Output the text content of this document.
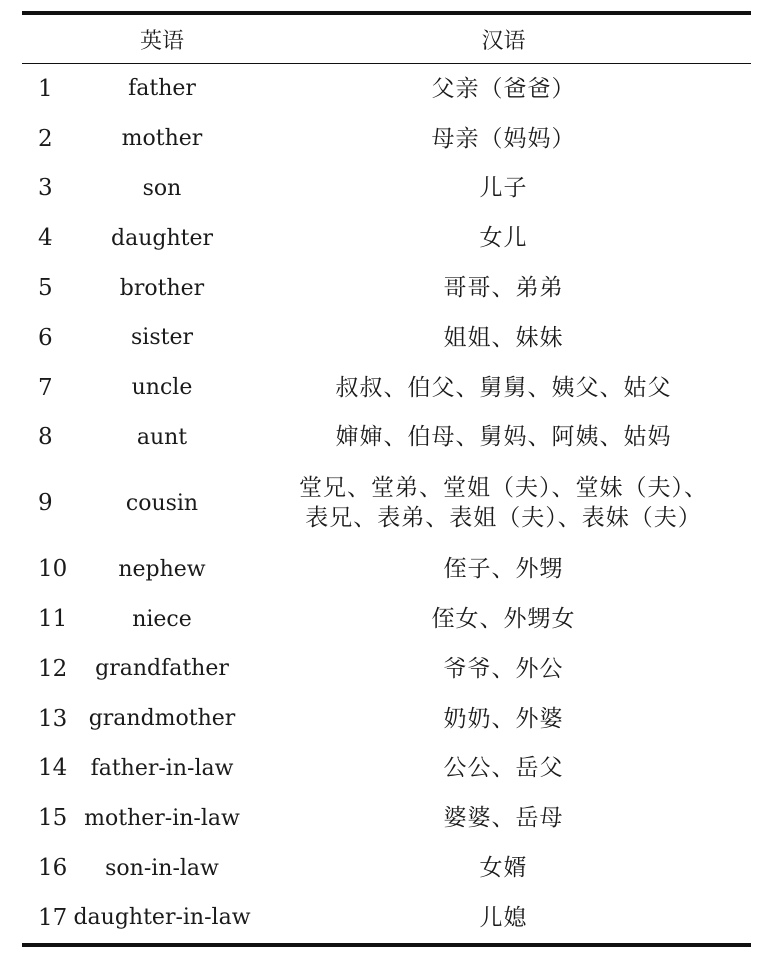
	英语	汉语
1	father	父亲（爸爸）
2	mother	母亲（妈妈）
3	son	儿子
4	daughter	女儿
5	brother	哥哥、弟弟
6	sister	姐姐、妹妹
7	uncle	叔叔、伯父、舅舅、姨父、姑父
8	aunt	婶婶、伯母、舅妈、阿姨、姑妈
9	cousin	堂兄、堂弟、堂姐（夫）、堂妹（夫）、
表兄、表弟、表姐（夫）、表妹（夫）
10	nephew	侄子、外甥
11	niece	侄女、外甥女
12	grandfather	爷爷、外公
13	grandmother	奶奶、外婆
14	father-in-law	公公、岳父
15	mother-in-law	婆婆、岳母
16	son-in-law	女婿
17	daughter-in-law	儿媳
